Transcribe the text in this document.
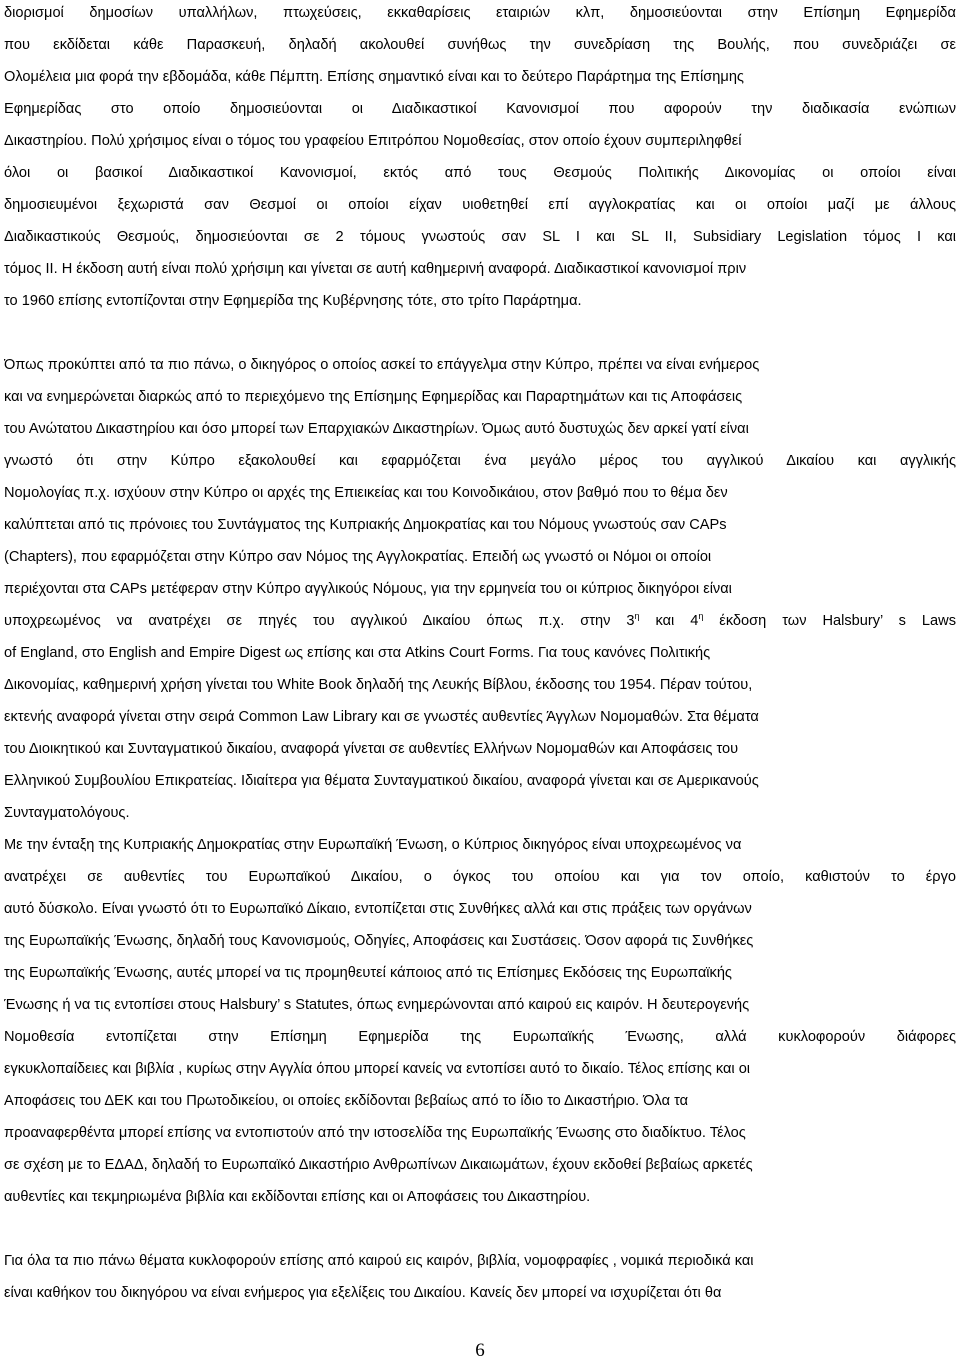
διορισμοί δημοσίων υπαλλήλων, πτωχεύσεις, εκκαθαρίσεις εταιριών κλπ, δημοσιεύονται στην Επίσημη Εφημερίδα
που εκδίδεται κάθε Παρασκευή, δηλαδή ακολουθεί συνήθως την συνεδρίαση της Βουλής, που συνεδριάζει σε
Ολομέλεια μια φορά την εβδομάδα, κάθε Πέμπτη. Επίσης σημαντικό είναι και το δεύτερο Παράρτημα της Επίσημης
Εφημερίδας στο οποίο δημοσιεύονται οι Διαδικαστικοί Κανονισμοί που αφορούν την διαδικασία ενώπιων
Δικαστηρίου. Πολύ χρήσιμος είναι ο τόμος του γραφείου Επιτρόπου Νομοθεσίας, στον οποίο έχουν συμπεριληφθεί
όλοι οι βασικοί Διαδικαστικοί Κανονισμοί, εκτός από τους Θεσμούς Πολιτικής Δικονομίας οι οποίοι είναι
δημοσιευμένοι ξεχωριστά σαν Θεσμοί οι οποίοι είχαν υιοθετηθεί επί αγγλοκρατίας και οι οποίοι μαζί με άλλους
Διαδικαστικούς Θεσμούς, δημοσιεύονται σε 2 τόμους γνωστούς σαν SL I και SL II, Subsidiary Legislation τόμος I και
τόμος II. Η έκδοση αυτή είναι πολύ χρήσιμη και γίνεται σε αυτή καθημερινή αναφορά. Διαδικαστικοί κανονισμοί πριν
το 1960 επίσης εντοπίζονται στην Εφημερίδα της Κυβέρνησης τότε, στο τρίτο Παράρτημα.
Όπως προκύπτει από τα πιο πάνω, ο δικηγόρος ο οποίος ασκεί το επάγγελμα στην Κύπρο, πρέπει να είναι ενήμερος
και να ενημερώνεται διαρκώς από το περιεχόμενο της Επίσημης Εφημερίδας και Παραρτημάτων και τις Αποφάσεις
του Ανώτατου Δικαστηρίου και όσο μπορεί των Επαρχιακών Δικαστηρίων. Όμως αυτό δυστυχώς δεν αρκεί γατί είναι
γνωστό ότι στην Κύπρο εξακολουθεί και εφαρμόζεται ένα μεγάλο μέρος του αγγλικού Δικαίου και αγγλικής
Νομολογίας π.χ. ισχύουν στην Κύπρο οι αρχές της Επιεικείας και του Κοινοδικάιου, στον βαθμό που το θέμα δεν
καλύπτεται από τις πρόνοιες του Συντάγματος της Κυπριακής Δημοκρατίας και του Νόμους γνωστούς σαν CAPs
(Chapters), που εφαρμόζεται στην Κύπρο σαν Νόμος της Αγγλοκρατίας. Επειδή ως γνωστό οι Νόμοι οι οποίοι
περιέχονται στα CAPs μετέφεραν στην Κύπρο αγγλικούς Νόμους, για την ερμηνεία του οι κύπριος δικηγόροι είναι
υποχρεωμένος να ανατρέχει σε πηγές του αγγλικού Δικαίου όπως π.χ. στην $3^\eta$ και $4^\eta$ έκδοση των Halsbury’ s Laws
of England, στο English and Empire Digest ως επίσης και στα Atkins Court Forms. Για τους κανόνες Πολιτικής
Δικονομίας, καθημερινή χρήση γίνεται του White Book δηλαδή της Λευκής Βίβλου, έκδοσης του 1954. Πέραν τούτου,
εκτενής αναφορά γίνεται στην σειρά Common Law Library και σε γνωστές αυθεντίες Άγγλων Νομομαθών. Στα θέματα
του Διοικητικού και Συνταγματικού δικαίου, αναφορά γίνεται σε αυθεντίες Ελλήνων Νομομαθών και Αποφάσεις του
Ελληνικού Συμβουλίου Επικρατείας. Ιδιαίτερα για θέματα Συνταγματικού δικαίου, αναφορά γίνεται και σε Αμερικανούς
Συνταγματολόγους.
Με την ένταξη της Κυπριακής Δημοκρατίας στην Ευρωπαϊκή Ένωση, ο Κύπριος δικηγόρος είναι υποχρεωμένος να
ανατρέχει σε αυθεντίες του Ευρωπαϊκού Δικαίου, ο όγκος του οποίου και για τον οποίο, καθιστούν το έργο
αυτό δύσκολο. Είναι γνωστό ότι το Ευρωπαϊκό Δίκαιο, εντοπίζεται στις Συνθήκες αλλά και στις πράξεις των οργάνων
της Ευρωπαϊκής Ένωσης, δηλαδή τους Κανονισμούς, Οδηγίες, Αποφάσεις και Συστάσεις. Όσον αφορά τις Συνθήκες
της Ευρωπαϊκής Ένωσης, αυτές μπορεί να τις προμηθευτεί κάποιος από τις Επίσημες Εκδόσεις της Ευρωπαϊκής
Ένωσης ή να τις εντοπίσει στους Halsbury’ s Statutes, όπως ενημερώνονται από καιρού εις καιρόν. Η δευτερογενής
Νομοθεσία εντοπίζεται στην Επίσημη Εφημερίδα της Ευρωπαϊκής Ένωσης, αλλά κυκλοφορούν διάφορες
εγκυκλοπαίδειες και βιβλία , κυρίως στην Αγγλία όπου μπορεί κανείς να εντοπίσει αυτό το δικαίο. Τέλος επίσης και οι
Αποφάσεις του ΔΕΚ και του Πρωτοδικείου, οι οποίες εκδίδονται βεβαίως από το ίδιο το Δικαστήριο. Όλα τα
προαναφερθέντα μπορεί επίσης να εντοπιστούν από την ιστοσελίδα της Ευρωπαϊκής Ένωσης στο διαδίκτυο. Τέλος
σε σχέση με το ΕΔΑΔ, δηλαδή το Ευρωπαϊκό Δικαστήριο Ανθρωπίνων Δικαιωμάτων, έχουν εκδοθεί βεβαίως αρκετές
αυθεντίες και τεκμηριωμένα βιβλία και εκδίδονται επίσης και οι Αποφάσεις του Δικαστηρίου.
Για όλα τα πιο πάνω θέματα κυκλοφορούν επίσης από καιρού εις καιρόν, βιβλία, νομοφραφίες , νομικά περιοδικά και
είναι καθήκον του δικηγόρου να είναι ενήμερος για εξελίξεις του Δικαίου. Κανείς δεν μπορεί να ισχυρίζεται ότι θα
6
